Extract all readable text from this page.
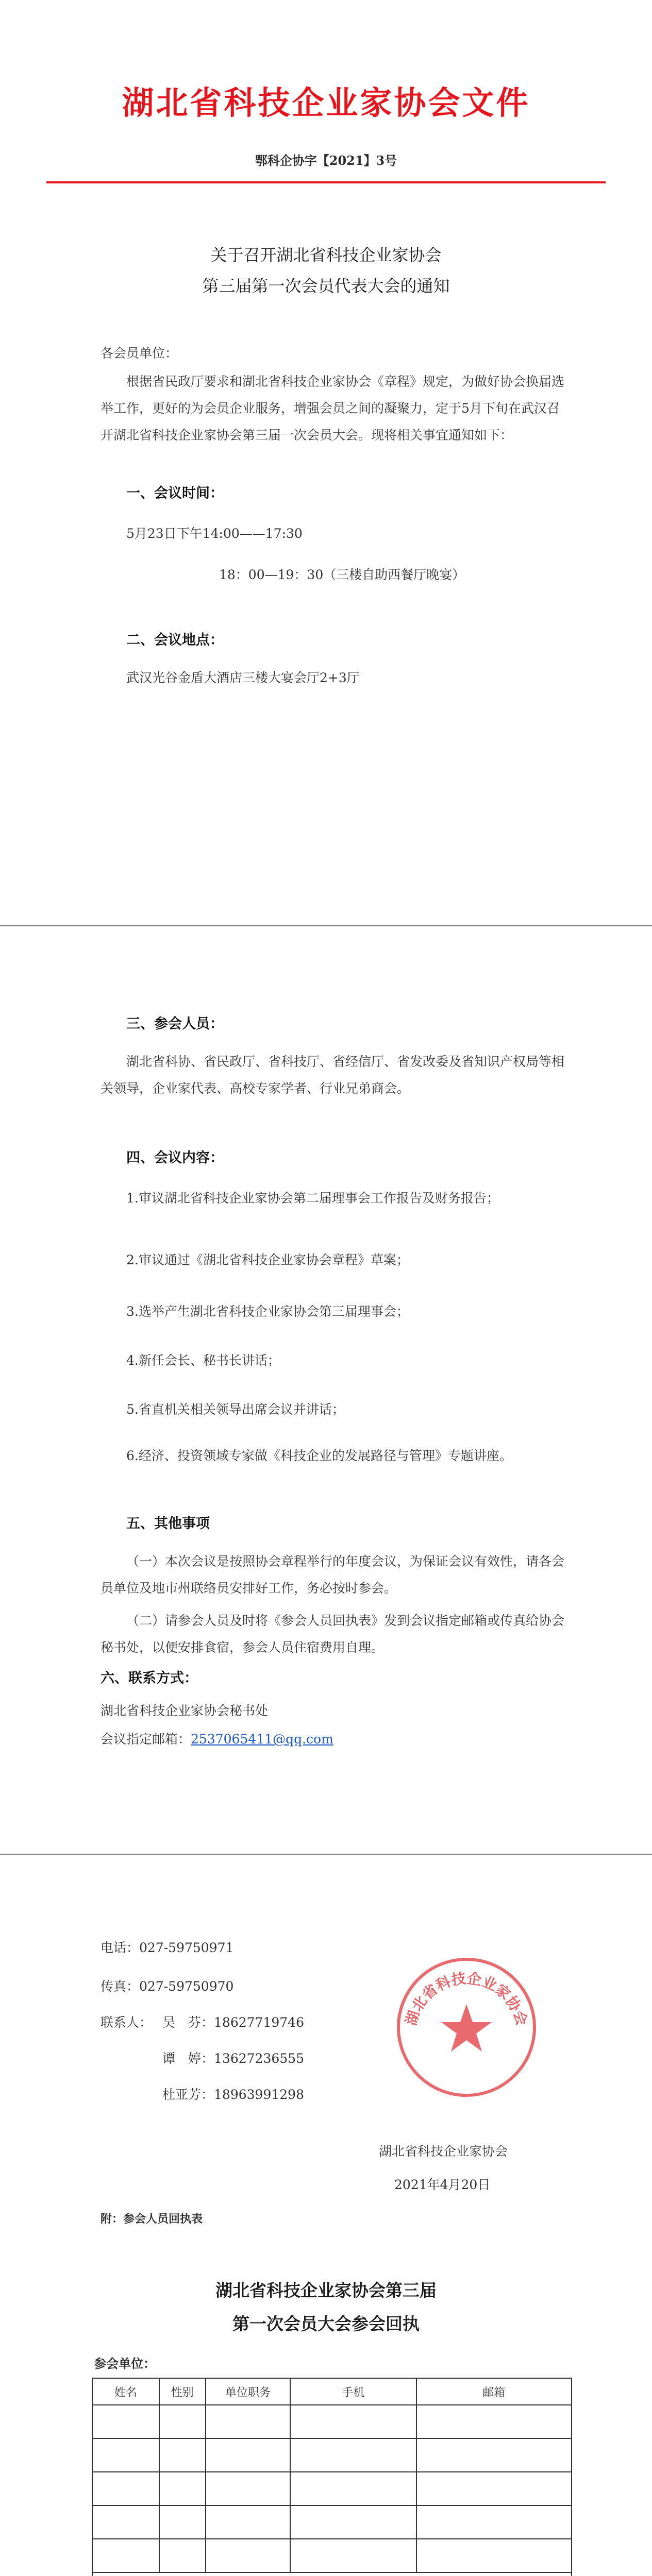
湖北省科技企业家协会文件
鄂科企协字【2021】3号
关于召开湖北省科技企业家协会
第三届第一次会员代表大会的通知
各会员单位：
根据省民政厅要求和湖北省科技企业家协会《章程》规定，为做好协会换届选举工作，更好的为会员企业服务，增强会员之间的凝聚力，定于5月下旬在武汉召开湖北省科技企业家协会第三届一次会员大会。现将相关事宜通知如下：
一、会议时间：
5月23日下午14:00——17:30
18：00—19：30（三楼自助西餐厅晚宴）
二、会议地点：
武汉光谷金盾大酒店三楼大宴会厅2+3厅
三、参会人员：
湖北省科协、省民政厅、省科技厅、省经信厅、省发改委及省知识产权局等相关领导，企业家代表、高校专家学者、行业兄弟商会。
四、会议内容：
1.审议湖北省科技企业家协会第二届理事会工作报告及财务报告；
2.审议通过《湖北省科技企业家协会章程》草案；
3.选举产生湖北省科技企业家协会第三届理事会；
4.新任会长、秘书长讲话；
5.省直机关相关领导出席会议并讲话；
6.经济、投资领域专家做《科技企业的发展路径与管理》专题讲座。
五、其他事项
（一）本次会议是按照协会章程举行的年度会议，为保证会议有效性，请各会员单位及地市州联络员安排好工作，务必按时参会。
（二）请参会人员及时将《参会人员回执表》发到会议指定邮箱或传真给协会秘书处，以便安排食宿，参会人员住宿费用自理。
六、联系方式：
湖北省科技企业家协会秘书处
会议指定邮箱：2537065411@qq.com
电话：027-59750971
传真：027-59750970
联系人： 吴　芬：18627719746
谭　婷：13627236555
杜亚芳：18963991298
湖北省科技企业家协会
湖北省科技企业家协会
2021年4月20日
附：参会人员回执表
湖北省科技企业家协会第三届
第一次会员大会参会回执
参会单位：
姓名	性别	单位职务	手机	邮箱
